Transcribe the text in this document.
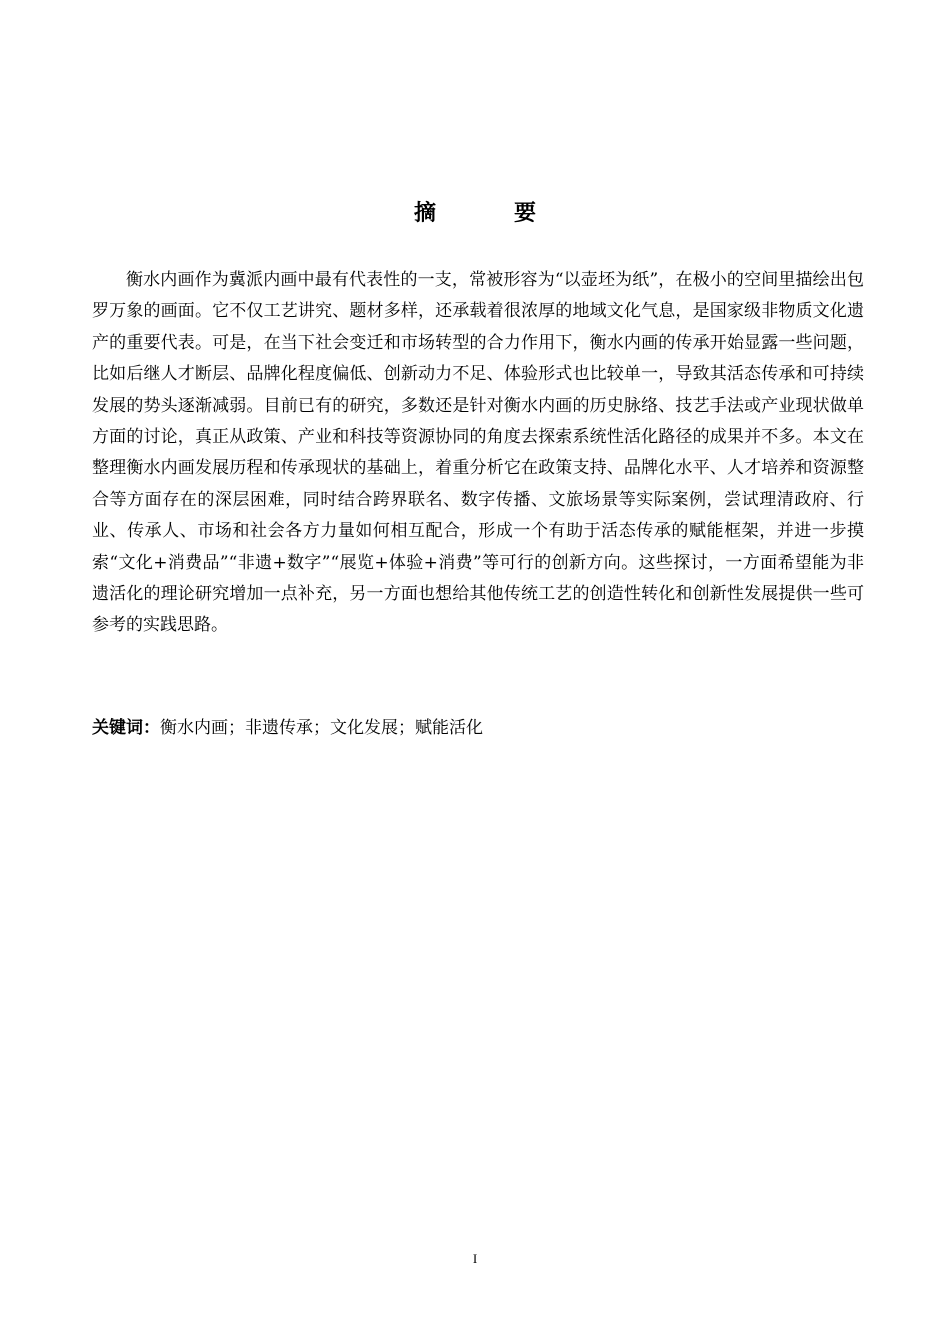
摘 要

衡水内画作为冀派内画中最有代表性的一支，常被形容为“以壶坯为纸”，在极小的空间里描绘出包罗万象的画面。它不仅工艺讲究、题材多样，还承载着很浓厚的地域文化气息，是国家级非物质文化遗产的重要代表。可是，在当下社会变迁和市场转型的合力作用下，衡水内画的传承开始显露一些问题，比如后继人才断层、品牌化程度偏低、创新动力不足、体验形式也比较单一，导致其活态传承和可持续发展的势头逐渐减弱。目前已有的研究，多数还是针对衡水内画的历史脉络、技艺手法或产业现状做单方面的讨论，真正从政策、产业和科技等资源协同的角度去探索系统性活化路径的成果并不多。本文在整理衡水内画发展历程和传承现状的基础上，着重分析它在政策支持、品牌化水平、人才培养和资源整合等方面存在的深层困难，同时结合跨界联名、数字传播、文旅场景等实际案例，尝试理清政府、行业、传承人、市场和社会各方力量如何相互配合，形成一个有助于活态传承的赋能框架，并进一步摸索“文化+消费品”“非遗+数字”“展览+体验+消费”等可行的创新方向。这些探讨，一方面希望能为非遗活化的理论研究增加一点补充，另一方面也想给其他传统工艺的创造性转化和创新性发展提供一些可参考的实践思路。

关键词：衡水内画；非遗传承；文化发展；赋能活化
I
